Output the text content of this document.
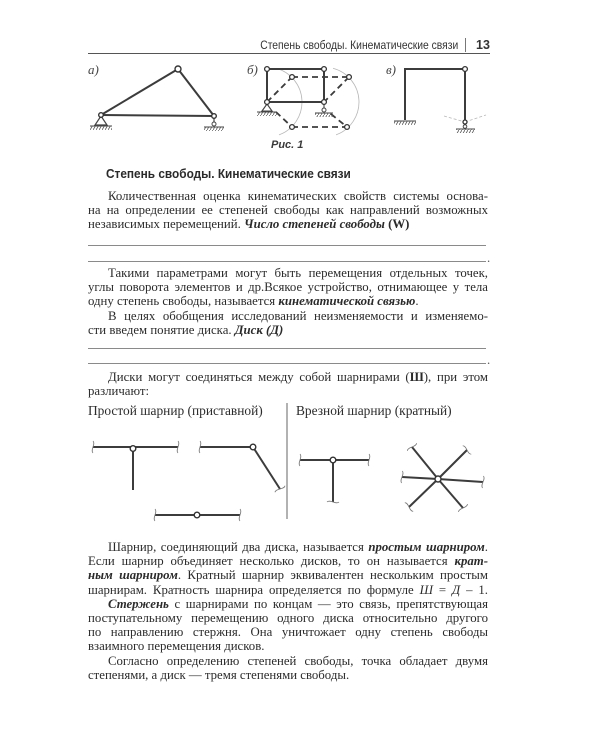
Степень свободы. Кинематические связи 13
а)	б)	в)
Рис. 1
Степень свободы. Кинематические связи
Количественная оценка кинематических свойств системы основа-
на на определении ее степеней свободы как направлений возможных
независимых перемещений. Число степеней свободы (W)
.
Такими параметрами могут быть перемещения отдельных точек,
углы поворота элементов и др.Всякое устройство, отнимающее у тела
одну степень свободы, называется кинематической связью.
В целях обобщения исследований неизменяемости и изменяемо-
сти введем понятие диска. Диск (Д)
.
Диски могут соединяться между собой шарнирами (Ш), при этом
различают:
Простой шарнир (приставной) Врезной шарнир (кратный)
Шарнир, соединяющий два диска, называется простым шарниром.
Если шарнир объединяет несколько дисков, то он называется крат-
ным шарниром. Кратный шарнир эквивалентен нескольким простым
шарнирам. Кратность шарнира определяется по формуле Ш = Д – 1.
Стержень с шарнирами по концам — это связь, препятствующая
поступательному перемещению одного диска относительно другого
по направлению стержня. Она уничтожает одну степень свободы
взаимного перемещения дисков.
Согласно определению степеней свободы, точка обладает двумя
степенями, а диск — тремя степенями свободы.
